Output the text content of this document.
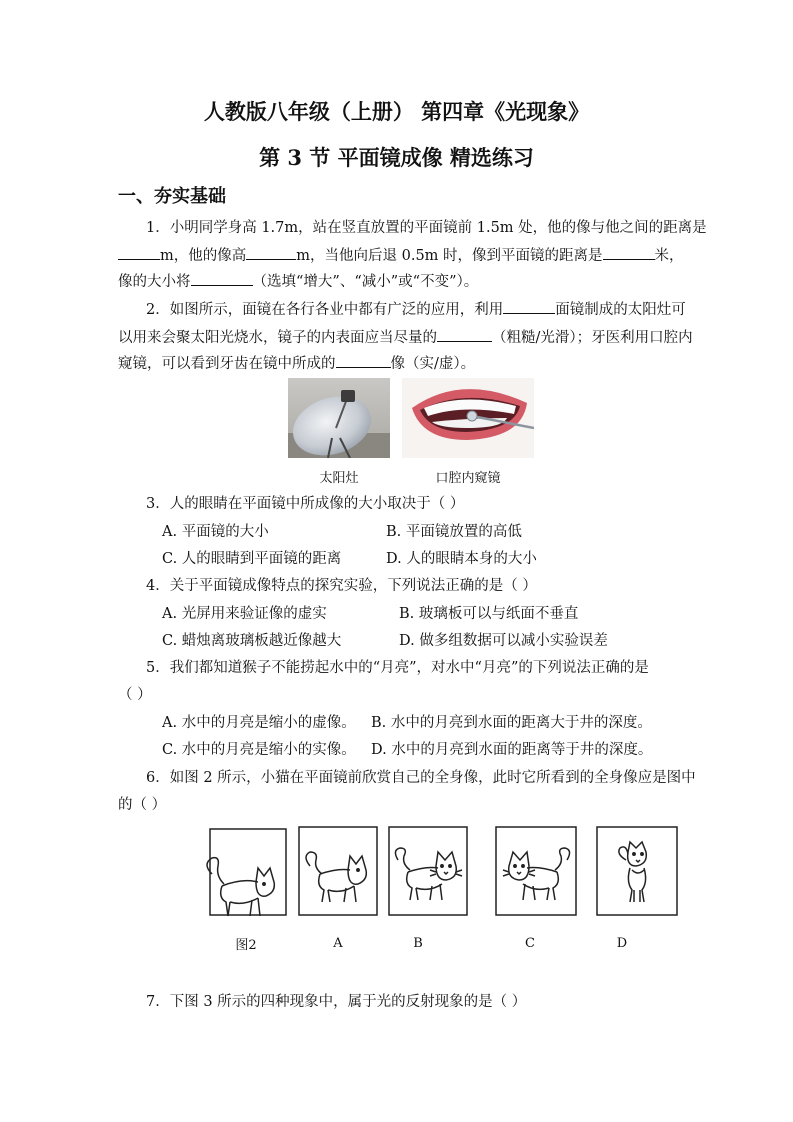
人教版八年级（上册） 第四章《光现象》
第 3 节 平面镜成像 精选练习
一、夯实基础
1．小明同学身高 1.7m，站在竖直放置的平面镜前 1.5m 处，他的像与他之间的距离是
m，他的像高	m，当他向后退 0.5m 时，像到平面镜的距离是	米，
像的大小将	（选填“增大”、“减小”或“不变”）。
2．如图所示，面镜在各行各业中都有广泛的应用，利用	面镜制成的太阳灶可
以用来会聚太阳光烧水，镜子的内表面应当尽量的	（粗糙/光滑）；牙医利用口腔内
窥镜，可以看到牙齿在镜中所成的	像（实/虚）。
太阳灶	口腔内窥镜
3．人的眼睛在平面镜中所成像的大小取决于（ ）
A. 平面镜的大小	B. 平面镜放置的高低
C. 人的眼睛到平面镜的距离	D. 人的眼睛本身的大小
4．关于平面镜成像特点的探究实验，下列说法正确的是（ ）
A. 光屏用来验证像的虚实	B. 玻璃板可以与纸面不垂直
C. 蜡烛离玻璃板越近像越大	D. 做多组数据可以减小实验误差
5．我们都知道猴子不能捞起水中的“月亮”，对水中“月亮”的下列说法正确的是
（ ）
A. 水中的月亮是缩小的虚像。 B. 水中的月亮到水面的距离大于井的深度。
C. 水中的月亮是缩小的实像。 D. 水中的月亮到水面的距离等于井的深度。
6．如图 2 所示，小猫在平面镜前欣赏自己的全身像，此时它所看到的全身像应是图中
的（ ）
图2	A	B	C	D
7．下图 3 所示的四种现象中，属于光的反射现象的是（ ）
